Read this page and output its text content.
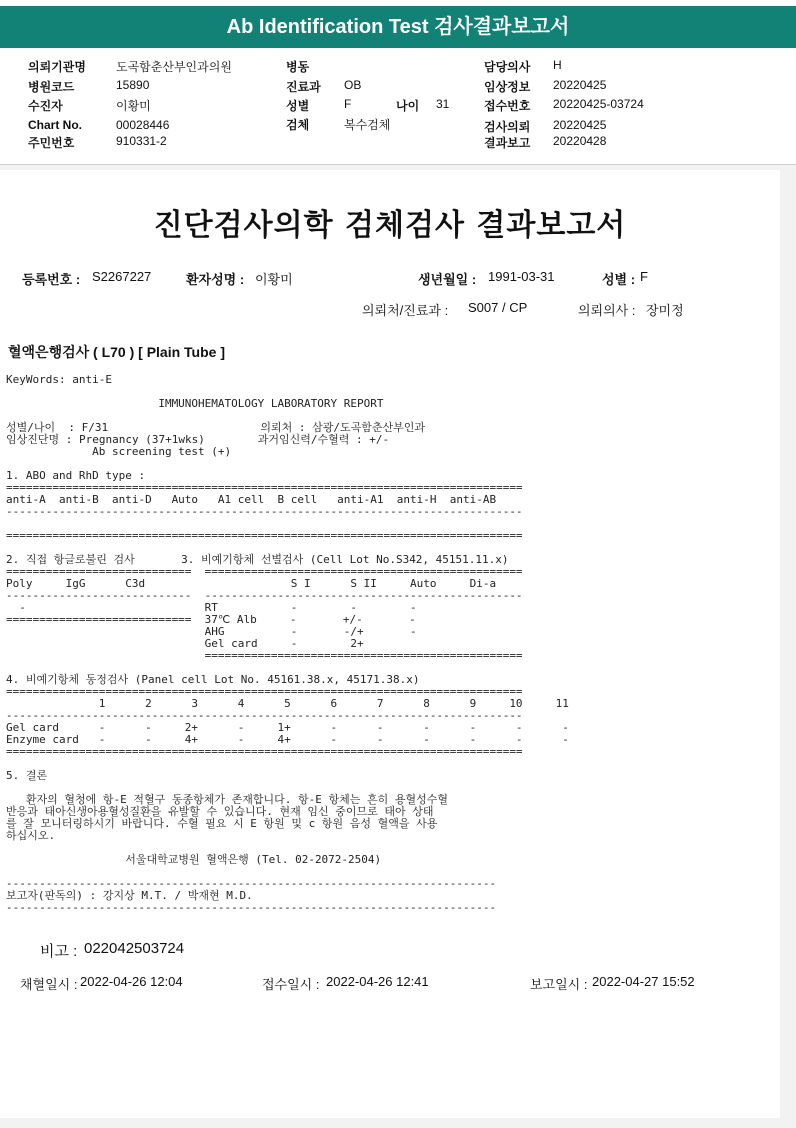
Ab Identification Test 검사결과보고서
의뢰기관명	도곡함춘산부인과의원
병원코드	15890
수진자	이황미
Chart No.	00028446
주민번호	910331-2
병동
진료과 OB
성별	F	나이 31
검체	복수검체
담당의사 H
임상정보 20220425
접수번호 20220425-03724
검사의뢰 20220425
결과보고 20220428
진단검사의학 검체검사 결과보고서
등록번호 : S2267227	환자성명 : 이황미	생년월일 : 1991-03-31	성별 : F
의뢰처/진료과 : S007 / CP	의뢰의사 : 장미정
혈액은행검사 ( L70 ) [ Plain Tube ]
KeyWords: anti-E

IMMUNOHEMATOLOGY LABORATORY REPORT

성별/나이  : F/31                       의뢰처 : 삼광/도곡함춘산부인과
임상진단명 : Pregnancy (37+1wks)        과거임신력/수혈력 : +/-
Ab screening test (+)

1. ABO and RhD type :
==============================================================================
anti-A  anti-B  anti-D   Auto   A1 cell  B cell   anti-A1  anti-H  anti-AB
------------------------------------------------------------------------------

==============================================================================

2. 직접 항글로불린 검사       3. 비예기항체 선별검사 (Cell Lot No.S342, 45151.11.x)
============================  ================================================
Poly     IgG      C3d                      S I      S II     Auto     Di-a
----------------------------  ------------------------------------------------
-                           RT           -        -        -
============================  37℃ Alb     -       +/-       -
AHG          -       -/+       -
Gel card     -        2+
================================================

4. 비예기항체 동정검사 (Panel cell Lot No. 45161.38.x, 45171.38.x)
==============================================================================
1      2      3      4      5      6      7      8      9     10     11
------------------------------------------------------------------------------
Gel card      -      -     2+      -     1+      -      -      -      -      -      -
Enzyme card   -      -     4+      -     4+      -      -      -      -      -      -
==============================================================================

5. 결론

환자의 혈청에 항-E 적혈구 동종항체가 존재합니다. 항-E 항체는 흔히 용혈성수혈
반응과 태아신생아용혈성질환을 유발할 수 있습니다. 현재 임신 중이므로 태아 상태
를 잘 모니터링하시기 바랍니다. 수혈 필요 시 E 항원 및 c 항원 음성 혈액을 사용
하십시오.

서울대학교병원 혈액은행 (Tel. 02-2072-2504)

--------------------------------------------------------------------------
보고자(판독의) : 강지상 M.T. / 박재현 M.D.
--------------------------------------------------------------------------
비고 : 022042503724
채혈일시 : 2022-04-26 12:04	접수일시 : 2022-04-26 12:41	보고일시 : 2022-04-27 15:52
